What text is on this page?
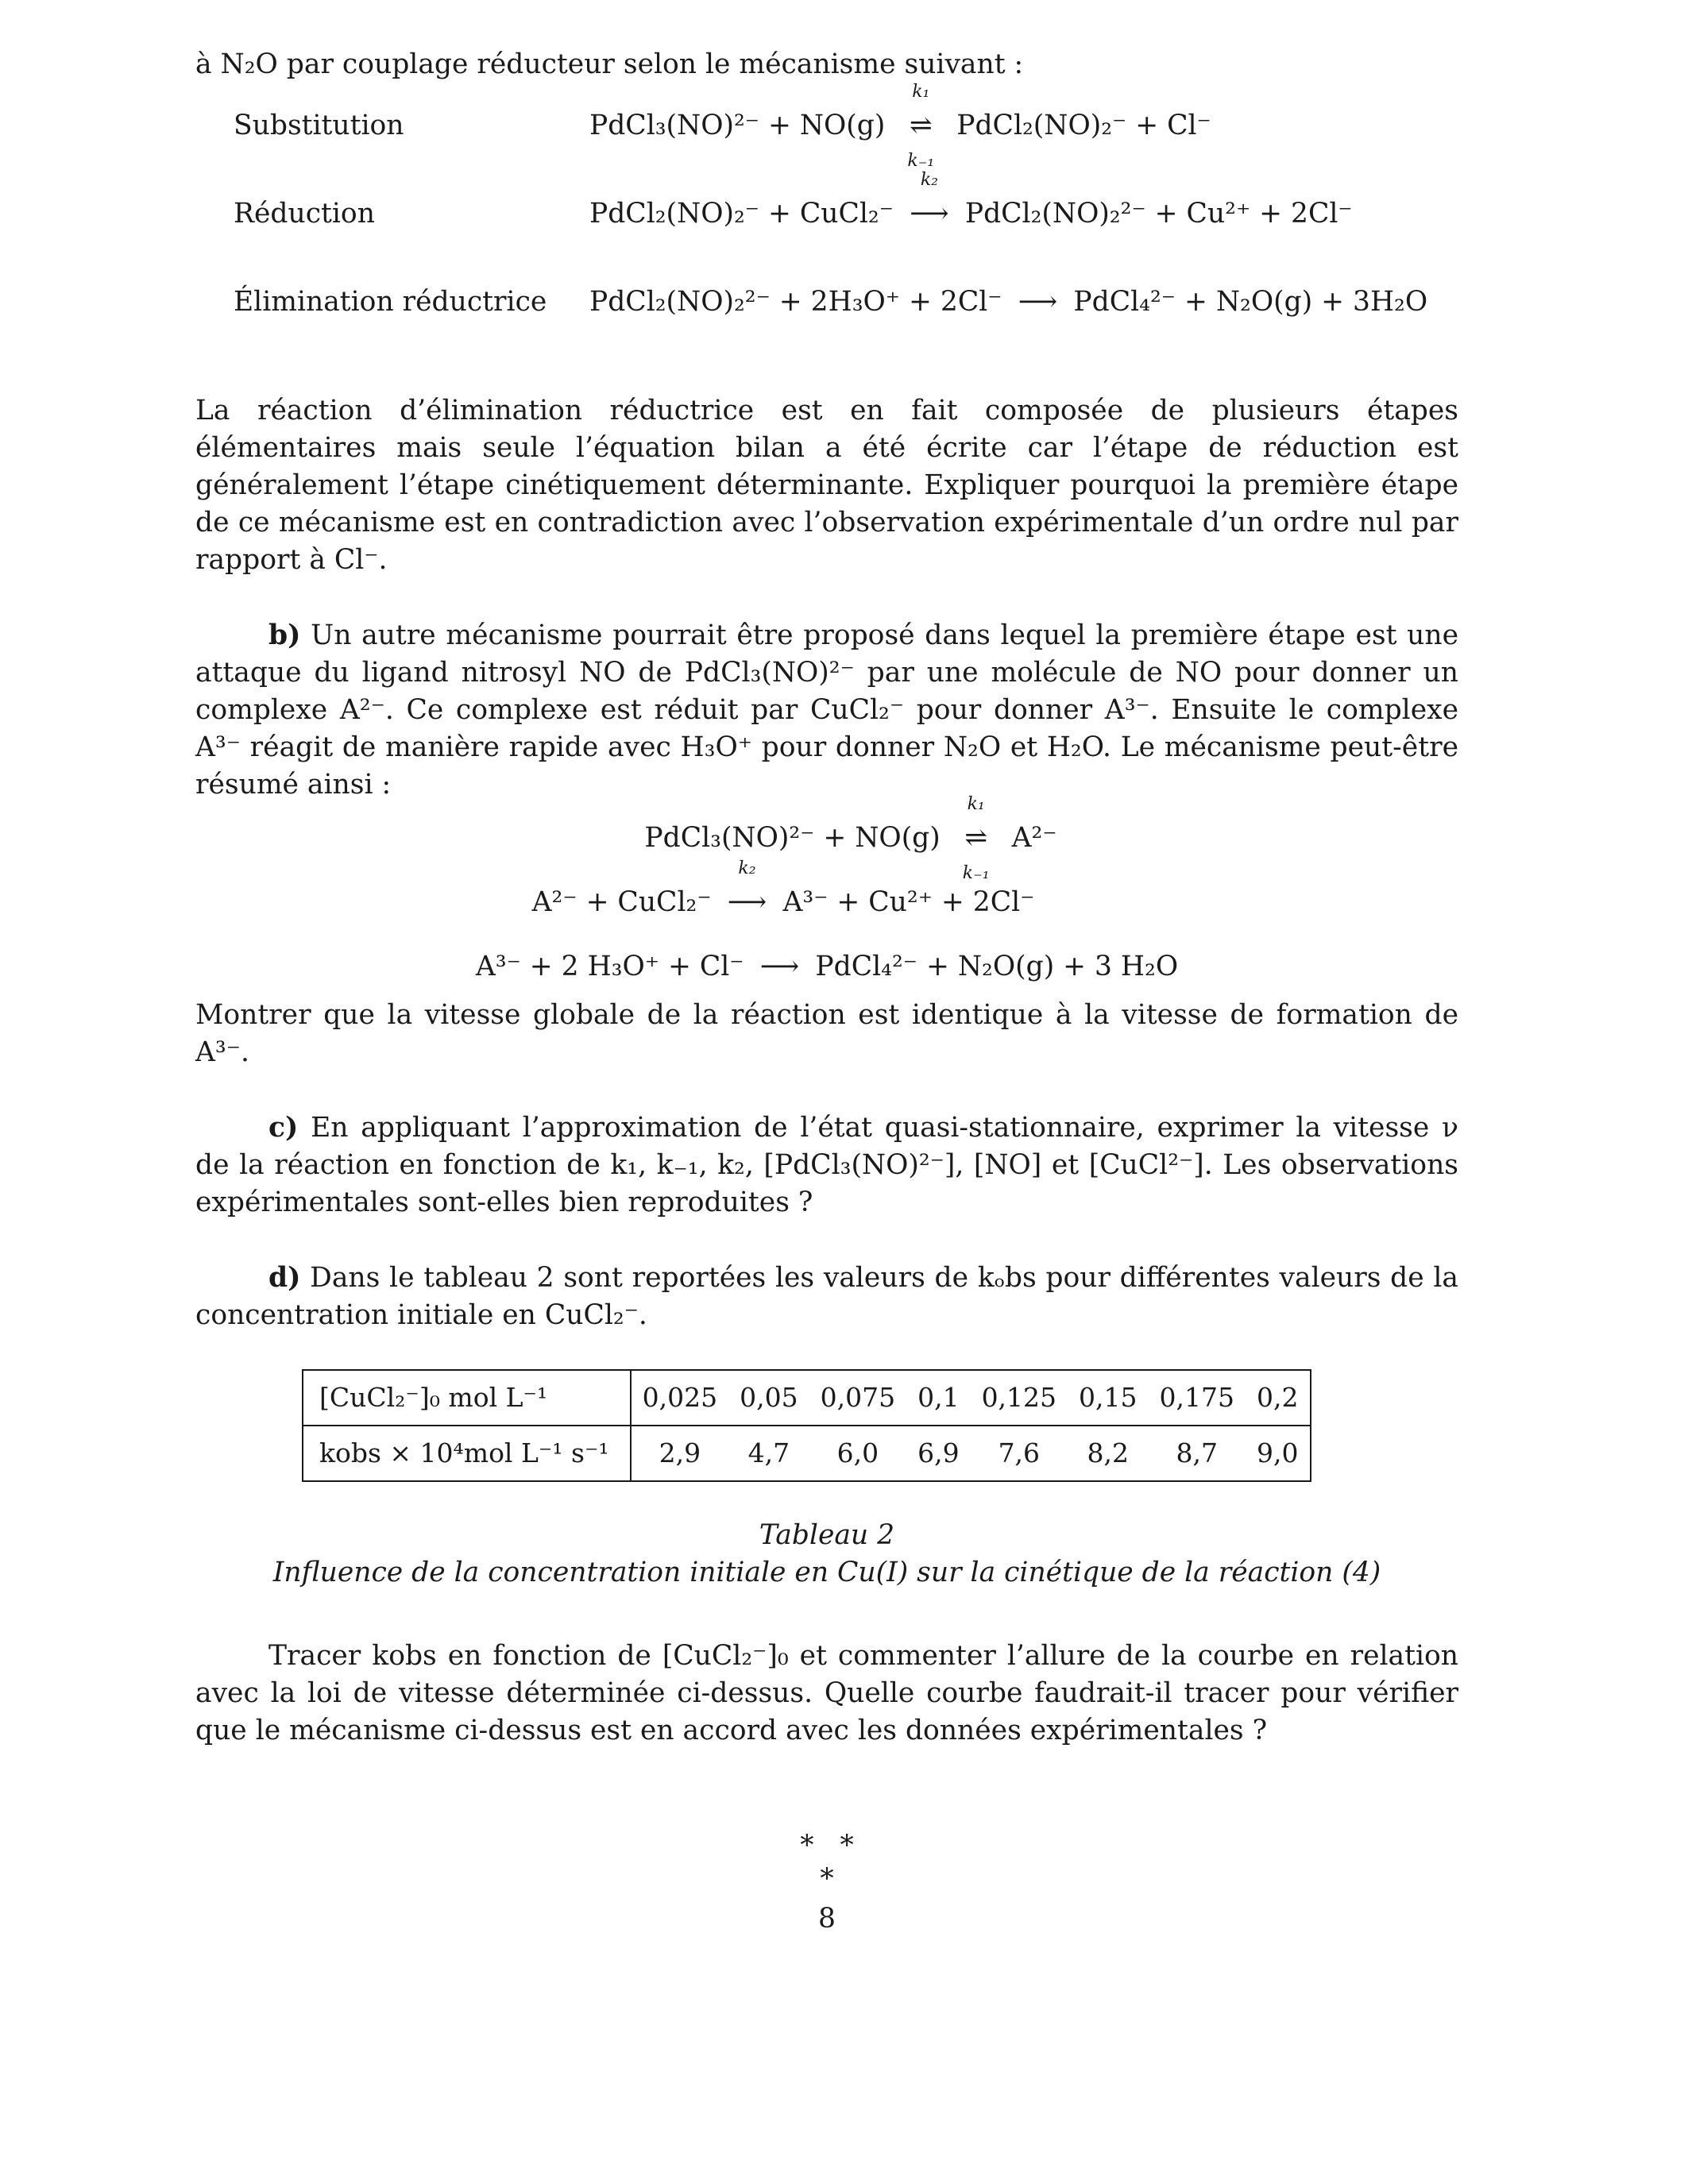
à N₂O par couplage réducteur selon le mécanisme suivant :

Substitution	PdCl₃(NO)²⁻ + NO(g)
k₁
⇌
k₋₁
PdCl₂(NO)₂⁻ + Cl⁻
Réduction	PdCl₂(NO)₂⁻ + CuCl₂⁻
k₂
⟶ PdCl₂(NO)₂²⁻ + Cu²⁺ + 2Cl⁻
Élimination réductrice	PdCl₂(NO)₂²⁻ + 2H₃O⁺ + 2Cl⁻ ⟶ PdCl₄²⁻ + N₂O(g) + 3H₂O

La réaction d’élimination réductrice est en fait composée de plusieurs étapes élémentaires mais seule l’équation bilan a été écrite car l’étape de réduction est généralement l’étape cinétiquement déterminante. Expliquer pourquoi la première étape de ce mécanisme est en contradiction avec l’observation expérimentale d’un ordre nul par rapport à Cl⁻.

b) Un autre mécanisme pourrait être proposé dans lequel la première étape est une attaque du ligand nitrosyl NO de PdCl₃(NO)²⁻ par une molécule de NO pour donner un complexe A²⁻. Ce complexe est réduit par CuCl₂⁻ pour donner A³⁻. Ensuite le complexe A³⁻ réagit de manière rapide avec H₃O⁺ pour donner N₂O et H₂O. Le mécanisme peut-être résumé ainsi :

PdCl₃(NO)²⁻ + NO(g)
k₁
⇌
k₋₁
A²⁻
A²⁻ + CuCl₂⁻
k₂
⟶ A³⁻ + Cu²⁺ + 2Cl⁻
A³⁻ + 2 H₃O⁺ + Cl⁻ ⟶ PdCl₄²⁻ + N₂O(g) + 3 H₂O

Montrer que la vitesse globale de la réaction est identique à la vitesse de formation de A³⁻.

c) En appliquant l’approximation de l’état quasi-stationnaire, exprimer la vitesse ν de la réaction en fonction de k₁, k₋₁, k₂, [PdCl₃(NO)²⁻], [NO] et [CuCl²⁻]. Les observations expérimentales sont-elles bien reproduites ?

d) Dans le tableau 2 sont reportées les valeurs de kₒbs pour différentes valeurs de la concentration initiale en CuCl₂⁻.

[CuCl₂⁻]₀ mol L⁻¹	0,025	0,05	0,075	0,1	0,125	0,15	0,175	0,2
kobs × 10⁴mol L⁻¹ s⁻¹	2,9	4,7	6,0	6,9	7,6	8,2	8,7	9,0
Tableau 2
Influence de la concentration initiale en Cu(I) sur la cinétique de la réaction (4)

Tracer kobs en fonction de [CuCl₂⁻]₀ et commenter l’allure de la courbe en relation avec la loi de vitesse déterminée ci-dessus. Quelle courbe faudrait-il tracer pour vérifier que le mécanisme ci-dessus est en accord avec les données expérimentales ?

*   *
*
8
